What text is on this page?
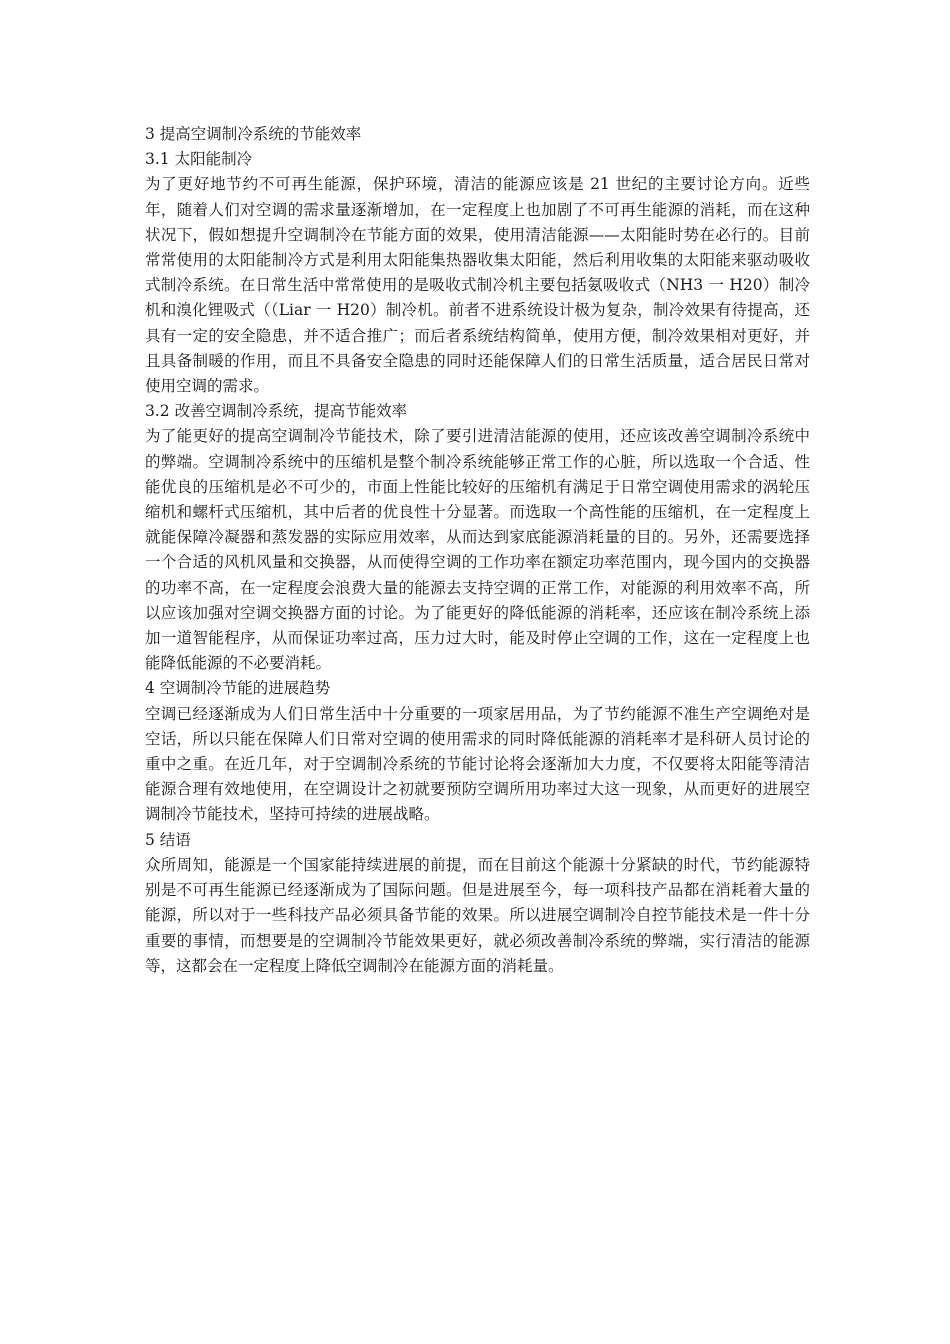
3 提高空调制冷系统的节能效率
3.1 太阳能制冷

为了更好地节约不可再生能源，保护环境，清洁的能源应该是 21 世纪的主要讨论方向。近些年，随着人们对空调的需求量逐渐增加，在一定程度上也加剧了不可再生能源的消耗，而在这种状况下，假如想提升空调制冷在节能方面的效果，使用清洁能源——太阳能时势在必行的。目前常常使用的太阳能制冷方式是利用太阳能集热器收集太阳能，然后利用收集的太阳能来驱动吸收式制冷系统。在日常生活中常常使用的是吸收式制冷机主要包括氨吸收式（NH3 一 H20）制冷机和溴化锂吸式（（Liar 一 H20）制冷机。前者不进系统设计极为复杂，制冷效果有待提高，还具有一定的安全隐患，并不适合推广；而后者系统结构简单，使用方便，制冷效果相对更好，并且具备制暖的作用，而且不具备安全隐患的同时还能保障人们的日常生活质量，适合居民日常对使用空调的需求。

3.2 改善空调制冷系统，提高节能效率

为了能更好的提高空调制冷节能技术，除了要引进清洁能源的使用，还应该改善空调制冷系统中的弊端。空调制冷系统中的压缩机是整个制冷系统能够正常工作的心脏，所以选取一个合适、性能优良的压缩机是必不可少的，市面上性能比较好的压缩机有满足于日常空调使用需求的涡轮压缩机和螺杆式压缩机，其中后者的优良性十分显著。而选取一个高性能的压缩机，在一定程度上就能保障冷凝器和蒸发器的实际应用效率，从而达到家底能源消耗量的目的。另外，还需要选择一个合适的风机风量和交换器，从而使得空调的工作功率在额定功率范围内，现今国内的交换器的功率不高，在一定程度会浪费大量的能源去支持空调的正常工作，对能源的利用效率不高，所以应该加强对空调交换器方面的讨论。为了能更好的降低能源的消耗率，还应该在制冷系统上添加一道智能程序，从而保证功率过高，压力过大时，能及时停止空调的工作，这在一定程度上也能降低能源的不必要消耗。

4 空调制冷节能的进展趋势

空调已经逐渐成为人们日常生活中十分重要的一项家居用品，为了节约能源不准生产空调绝对是空话，所以只能在保障人们日常对空调的使用需求的同时降低能源的消耗率才是科研人员讨论的重中之重。在近几年，对于空调制冷系统的节能讨论将会逐渐加大力度，不仅要将太阳能等清洁能源合理有效地使用，在空调设计之初就要预防空调所用功率过大这一现象，从而更好的进展空调制冷节能技术，坚持可持续的进展战略。

5 结语

众所周知，能源是一个国家能持续进展的前提，而在目前这个能源十分紧缺的时代，节约能源特别是不可再生能源已经逐渐成为了国际问题。但是进展至今，每一项科技产品都在消耗着大量的能源，所以对于一些科技产品必须具备节能的效果。所以进展空调制冷自控节能技术是一件十分重要的事情，而想要是的空调制冷节能效果更好，就必须改善制冷系统的弊端，实行清洁的能源等，这都会在一定程度上降低空调制冷在能源方面的消耗量。
